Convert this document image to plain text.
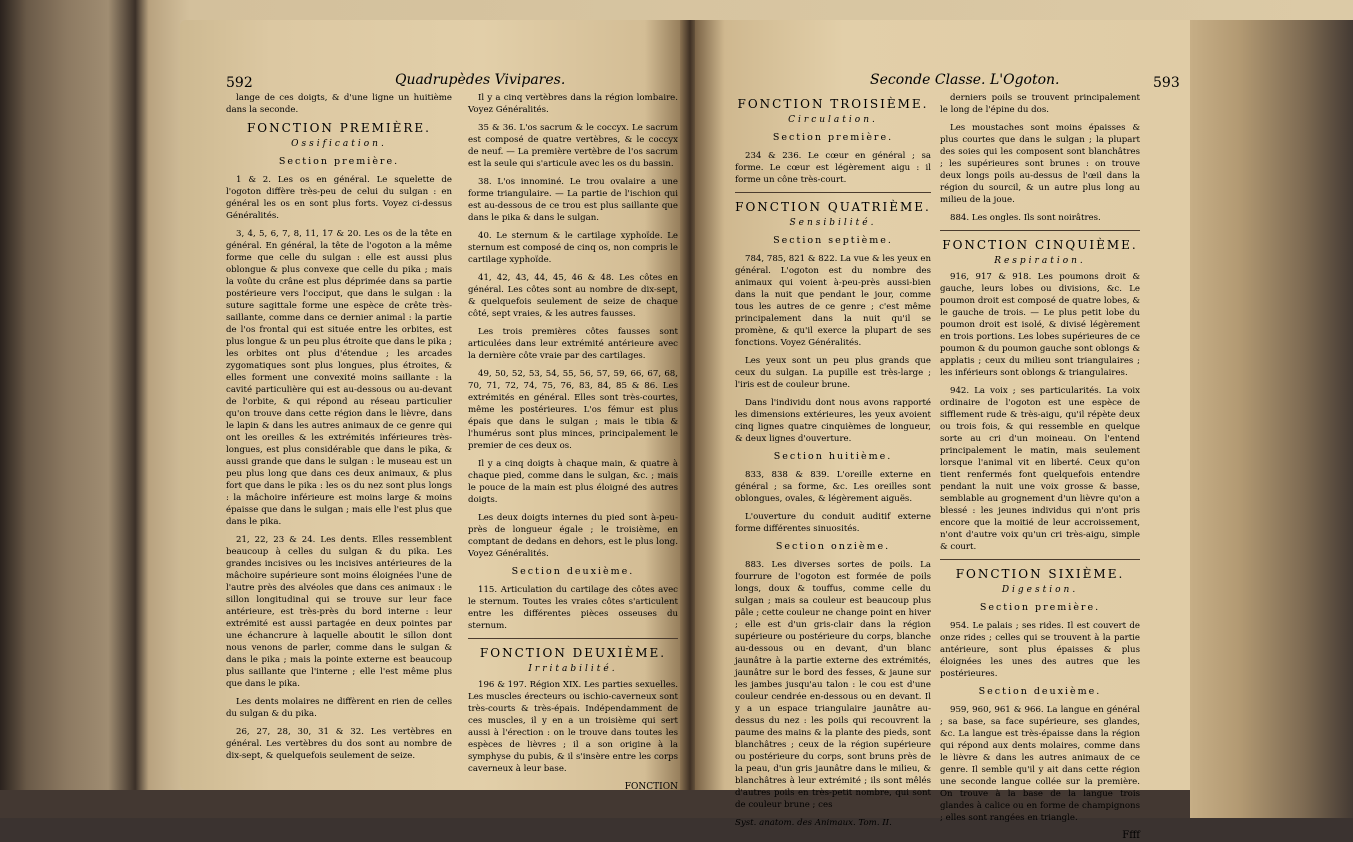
592	Quadrupèdes Vivipares.

lange de ces doigts, & d'une ligne un huitième dans la seconde.

FONCTION PREMIÈRE.
Ossification.
Section première.

1 & 2. Les os en général. Le squelette de l'ogoton diffère très-peu de celui du sulgan : en général les os en sont plus forts. Voyez ci-dessus Généralités.

3, 4, 5, 6, 7, 8, 11, 17 & 20. Les os de la tête en général. En général, la tête de l'ogoton a la même forme que celle du sulgan : elle est aussi plus oblongue & plus convexe que celle du pika ; mais la voûte du crâne est plus déprimée dans sa partie postérieure vers l'occiput, que dans le sulgan : la suture sagittale forme une espèce de crête très-saillante, comme dans ce dernier animal : la partie de l'os frontal qui est située entre les orbites, est plus longue & un peu plus étroite que dans le pika ; les orbites ont plus d'étendue ; les arcades zygomatiques sont plus longues, plus étroites, & elles forment une convexité moins saillante : la cavité particulière qui est au-dessous ou au-devant de l'orbite, & qui répond au réseau particulier qu'on trouve dans cette région dans le lièvre, dans le lapin & dans les autres animaux de ce genre qui ont les oreilles & les extrémités inférieures très-longues, est plus considérable que dans le pika, & aussi grande que dans le sulgan : le museau est un peu plus long que dans ces deux animaux, & plus fort que dans le pika : les os du nez sont plus longs : la mâchoire inférieure est moins large & moins épaisse que dans le sulgan ; mais elle l'est plus que dans le pika.

21, 22, 23 & 24. Les dents. Elles ressemblent beaucoup à celles du sulgan & du pika. Les grandes incisives ou les incisives antérieures de la mâchoire supérieure sont moins éloignées l'une de l'autre près des alvéoles que dans ces animaux : le sillon longitudinal qui se trouve sur leur face antérieure, est très-près du bord interne : leur extrémité est aussi partagée en deux pointes par une échancrure à laquelle aboutit le sillon dont nous venons de parler, comme dans le sulgan & dans le pika ; mais la pointe externe est beaucoup plus saillante que l'interne ; elle l'est même plus que dans le pika.

Les dents molaires ne diffèrent en rien de celles du sulgan & du pika.

26, 27, 28, 30, 31 & 32. Les vertèbres en général. Les vertèbres du dos sont au nombre de dix-sept, & quelquefois seulement de seize.

Il y a cinq vertèbres dans la région lombaire. Voyez Généralités.

35 & 36. L'os sacrum & le coccyx. Le sacrum est composé de quatre vertèbres, & le coccyx de neuf. — La première vertèbre de l'os sacrum est la seule qui s'articule avec les os du bassin.

38. L'os innominé. Le trou ovalaire a une forme triangulaire. — La partie de l'ischion qui est au-dessous de ce trou est plus saillante que dans le pika & dans le sulgan.

40. Le sternum & le cartilage xyphoïde. Le sternum est composé de cinq os, non compris le cartilage xyphoïde.

41, 42, 43, 44, 45, 46 & 48. Les côtes en général. Les côtes sont au nombre de dix-sept, & quelquefois seulement de seize de chaque côté, sept vraies, & les autres fausses.

Les trois premières côtes fausses sont articulées dans leur extrémité antérieure avec la dernière côte vraie par des cartilages.

49, 50, 52, 53, 54, 55, 56, 57, 59, 66, 67, 68, 70, 71, 72, 74, 75, 76, 83, 84, 85 & 86. Les extrémités en général. Elles sont très-courtes, même les postérieures. L'os fémur est plus épais que dans le sulgan ; mais le tibia & l'humérus sont plus minces, principalement le premier de ces deux os.

Il y a cinq doigts à chaque main, & quatre à chaque pied, comme dans le sulgan, &c. ; mais le pouce de la main est plus éloigné des autres doigts.

Les deux doigts internes du pied sont à-peu-près de longueur égale ; le troisième, en comptant de dedans en dehors, est le plus long. Voyez Généralités.

Section deuxième.

115. Articulation du cartilage des côtes avec le sternum. Toutes les vraies côtes s'articulent entre les différentes pièces osseuses du sternum.

FONCTION DEUXIÈME.
Irritabilité.

196 & 197. Région XIX. Les parties sexuelles. Les muscles érecteurs ou ischio-caverneux sont très-courts & très-épais. Indépendamment de ces muscles, il y en a un troisième qui sert aussi à l'érection : on le trouve dans toutes les espèces de lièvres ; il a son origine à la symphyse du pubis, & il s'insère entre les corps caverneux à leur base.

FONCTION
Seconde Classe. L'Ogoton.	593
FONCTION TROISIÈME.
Circulation.
Section première.

234 & 236. Le cœur en général ; sa forme. Le cœur est légèrement aigu : il forme un cône très-court.

FONCTION QUATRIÈME.
Sensibilité.
Section septième.

784, 785, 821 & 822. La vue & les yeux en général. L'ogoton est du nombre des animaux qui voient à-peu-près aussi-bien dans la nuit que pendant le jour, comme tous les autres de ce genre ; c'est même principalement dans la nuit qu'il se promène, & qu'il exerce la plupart de ses fonctions. Voyez Généralités.

Les yeux sont un peu plus grands que ceux du sulgan. La pupille est très-large ; l'iris est de couleur brune.

Dans l'individu dont nous avons rapporté les dimensions extérieures, les yeux avoient cinq lignes quatre cinquièmes de longueur, & deux lignes d'ouverture.

Section huitième.

833, 838 & 839. L'oreille externe en général ; sa forme, &c. Les oreilles sont oblongues, ovales, & légèrement aiguës.

L'ouverture du conduit auditif externe forme différentes sinuosités.

Section onzième.

883. Les diverses sortes de poils. La fourrure de l'ogoton est formée de poils longs, doux & touffus, comme celle du sulgan ; mais sa couleur est beaucoup plus pâle ; cette couleur ne change point en hiver ; elle est d'un gris-clair dans la région supérieure ou postérieure du corps, blanche au-dessous ou en devant, d'un blanc jaunâtre à la partie externe des extrémités, jaunâtre sur le bord des fesses, & jaune sur les jambes jusqu'au talon : le cou est d'une couleur cendrée en-dessous ou en devant. Il y a un espace triangulaire jaunâtre au-dessus du nez : les poils qui recouvrent la paume des mains & la plante des pieds, sont blanchâtres ; ceux de la région supérieure ou postérieure du corps, sont bruns près de la peau, d'un gris jaunâtre dans le milieu, & blanchâtres à leur extrémité ; ils sont mêlés d'autres poils en très-petit nombre, qui sont de couleur brune ; ces

Syst. anatom. des Animaux. Tom. II.

derniers poils se trouvent principalement le long de l'épine du dos.

Les moustaches sont moins épaisses & plus courtes que dans le sulgan ; la plupart des soies qui les composent sont blanchâtres ; les supérieures sont brunes : on trouve deux longs poils au-dessus de l'œil dans la région du sourcil, & un autre plus long au milieu de la joue.

884. Les ongles. Ils sont noirâtres.

FONCTION CINQUIÈME.
Respiration.

916, 917 & 918. Les poumons droit & gauche, leurs lobes ou divisions, &c. Le poumon droit est composé de quatre lobes, & le gauche de trois. — Le plus petit lobe du poumon droit est isolé, & divisé légèrement en trois portions. Les lobes supérieures de ce poumon & du poumon gauche sont oblongs & applatis ; ceux du milieu sont triangulaires ; les inférieurs sont oblongs & triangulaires.

942. La voix ; ses particularités. La voix ordinaire de l'ogoton est une espèce de sifflement rude & très-aigu, qu'il répète deux ou trois fois, & qui ressemble en quelque sorte au cri d'un moineau. On l'entend principalement le matin, mais seulement lorsque l'animal vit en liberté. Ceux qu'on tient renfermés font quelquefois entendre pendant la nuit une voix grosse & basse, semblable au grognement d'un lièvre qu'on a blessé : les jeunes individus qui n'ont pris encore que la moitié de leur accroissement, n'ont d'autre voix qu'un cri très-aigu, simple & court.

FONCTION SIXIÈME.
Digestion.
Section première.

954. Le palais ; ses rides. Il est couvert de onze rides ; celles qui se trouvent à la partie antérieure, sont plus épaisses & plus éloignées les unes des autres que les postérieures.

Section deuxième.

959, 960, 961 & 966. La langue en général ; sa base, sa face supérieure, ses glandes, &c. La langue est très-épaisse dans la région qui répond aux dents molaires, comme dans le lièvre & dans les autres animaux de ce genre. Il semble qu'il y ait dans cette région une seconde langue collée sur la première. On trouve à la base de la langue trois glandes à calice ou en forme de champignons ; elles sont rangées en triangle.

Ffff
